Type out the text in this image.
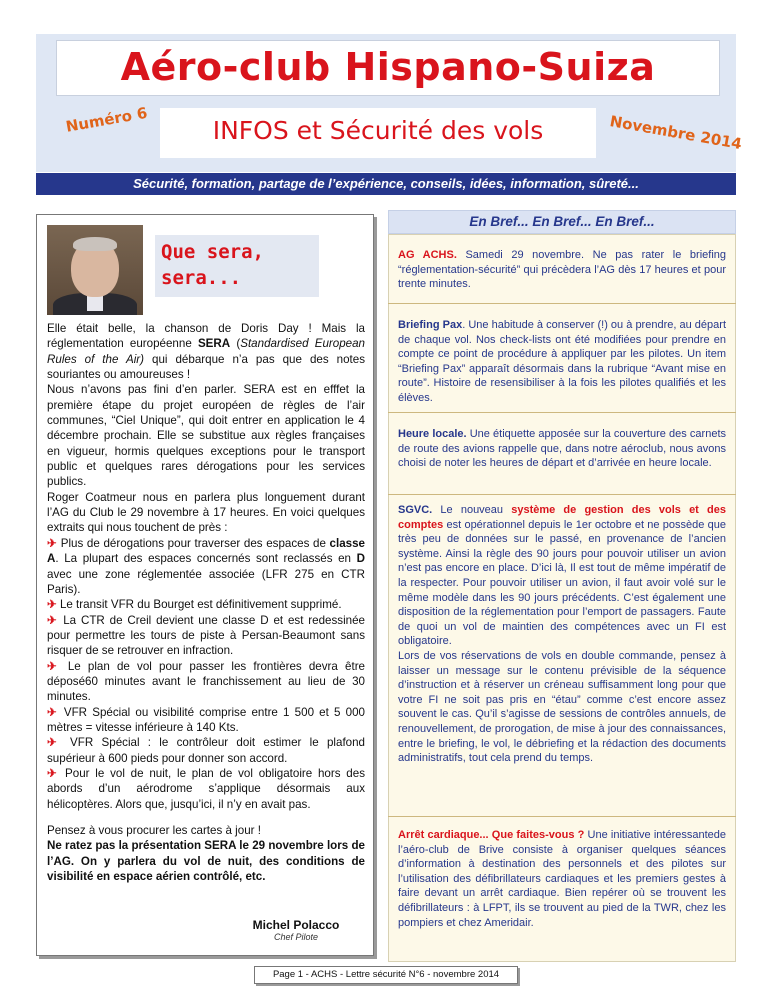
Aéro-club Hispano-Suiza
Numéro 6	INFOS et Sécurité des vols	Novembre 2014
Sécurité, formation, partage de l’expérience, conseils, idées, information, sûreté...
Que sera,
sera...

Elle était belle, la chanson de Doris Day ! Mais la réglementation européenne SERA (Standardised European Rules of the Air) qui débarque n’a pas que des notes souriantes ou amoureuses !

Nous n’avons pas fini d’en parler. SERA est en efffet la première étape du projet européen de règles de l’air communes, “Ciel Unique”, qui doit entrer en application le 4 décembre prochain. Elle se substitue aux règles françaises en vigueur, hormis quelques exceptions pour le transport public et quelques rares dérogations pour les services publics.

Roger Coatmeur nous en parlera plus longuement durant l’AG du Club le 29 novembre à 17 heures. En voici quelques extraits qui nous touchent de près :

✈ Plus de dérogations pour traverser des espaces de classe A. La plupart des espaces concernés sont reclassés en D avec une zone réglementée associée (LFR 275 en CTR Paris).

✈ Le transit VFR du Bourget est définitivement supprimé.

✈ La CTR de Creil devient une classe D et est redessinée pour permettre les tours de piste à Persan-Beaumont sans risquer de se retrouver en infraction.

✈ Le plan de vol pour passer les frontières devra être déposé60 minutes avant le franchissement au lieu de 30 minutes.

✈ VFR Spécial ou visibilité comprise entre 1 500 et 5 000 mètres = vitesse inférieure à 140 Kts.

✈ VFR Spécial : le contrôleur doit estimer le plafond supérieur à 600 pieds pour donner son accord.

✈ Pour le vol de nuit, le plan de vol obligatoire hors des abords d’un aérodrome s’applique désormais aux hélicoptères. Alors que, jusqu’ici, il n’y en avait pas.

Pensez à vous procurer les cartes à jour !

Ne ratez pas la présentation SERA le 29 novembre lors de l’AG. On y parlera du vol de nuit, des conditions de visibilité en espace aérien contrôlé, etc.

Michel Polacco
Chef Pilote
En Bref... En Bref... En Bref...

AG ACHS. Samedi 29 novembre. Ne pas rater le briefing “réglementation-sécurité” qui précèdera l’AG dès 17 heures et pour trente minutes.

Briefing Pax. Une habitude à conserver (!) ou à prendre, au départ de chaque vol. Nos check-lists ont été modifiées pour prendre en compte ce point de procédure à appliquer par les pilotes. Un item “Briefing Pax” apparaît désormais dans la rubrique “Avant mise en route”. Histoire de resensibiliser à la fois les pilotes qualifiés et les élèves.

Heure locale. Une étiquette apposée sur la couverture des carnets de route des avions rappelle que, dans notre aéroclub, nous avons choisi de noter les heures de départ et d’arrivée en heure locale.

SGVC. Le nouveau système de gestion des vols et des comptes est opérationnel depuis le 1er octobre et ne possède que très peu de données sur le passé, en provenance de l’ancien système. Ainsi la règle des 90 jours pour pouvoir utiliser un avion n’est pas encore en place. D’ici là, Il est tout de même impératif de la respecter. Pour pouvoir utiliser un avion, il faut avoir volé sur le même modèle dans les 90 jours précédents. C’est également une disposition de la réglementation pour l’emport de passagers. Faute de quoi un vol de maintien des compétences avec un FI est obligatoire.

Lors de vos réservations de vols en double commande, pensez à laisser un message sur le contenu prévisible de la séquence d’instruction et à réserver un créneau suffisamment long pour que votre FI ne soit pas pris en “étau” comme c’est encore assez souvent le cas. Qu’il s’agisse de sessions de contrôles annuels, de renouvellement, de prorogation, de mise à jour des connaissances, entre le briefing, le vol, le débriefing et la rédaction des documents administratifs, tout cela prend du temps.

Arrêt cardiaque... Que faites-vous ? Une initiative intéressantede l’aéro-club de Brive consiste à organiser quelques séances d’information à destination des personnels et des pilotes sur l’utilisation des défibrillateurs cardiaques et les premiers gestes à faire devant un arrêt cardiaque. Bien repérer où se trouvent les défibrillateurs : à LFPT, ils se trouvent au pied de la TWR, chez les pompiers et chez Ameridair.

Page 1 - ACHS - Lettre sécurité N°6 - novembre 2014
